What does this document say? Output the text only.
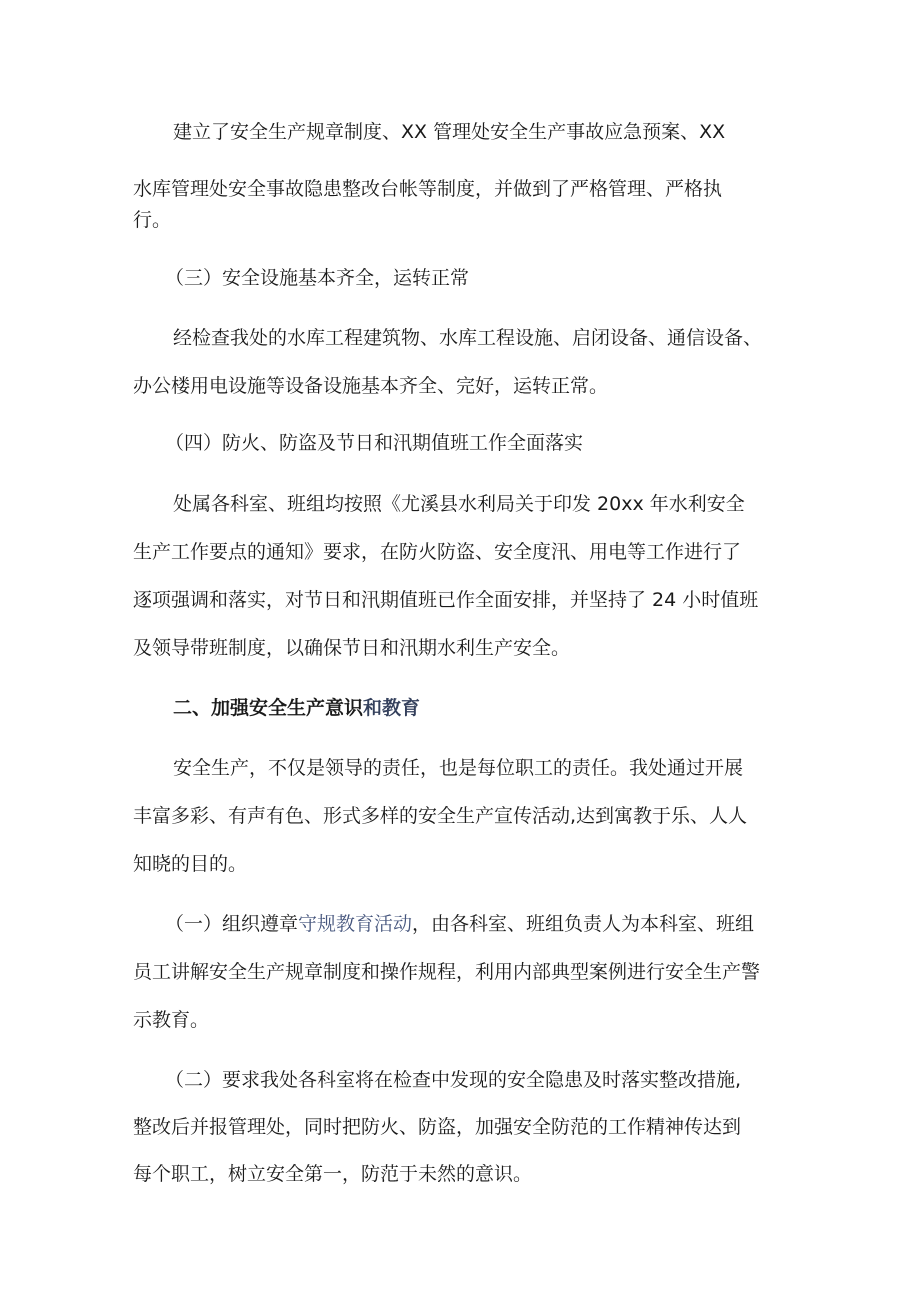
建立了安全生产规章制度、XX 管理处安全生产事故应急预案、XX
水库管理处安全事故隐患整改台帐等制度，并做到了严格管理、严格执
行。
（三）安全设施基本齐全，运转正常
经检查我处的水库工程建筑物、水库工程设施、启闭设备、通信设备、
办公楼用电设施等设备设施基本齐全、完好，运转正常。
（四）防火、防盗及节日和汛期值班工作全面落实
处属各科室、班组均按照《尤溪县水利局关于印发 20xx 年水利安全
生产工作要点的通知》要求，在防火防盗、安全度汛、用电等工作进行了
逐项强调和落实，对节日和汛期值班已作全面安排，并坚持了 24 小时值班
及领导带班制度，以确保节日和汛期水利生产安全。
二、加强安全生产意识和教育
安全生产，不仅是领导的责任，也是每位职工的责任。我处通过开展
丰富多彩、有声有色、形式多样的安全生产宣传活动,达到寓教于乐、人人
知晓的目的。
（一）组织遵章守规教育活动，由各科室、班组负责人为本科室、班组
员工讲解安全生产规章制度和操作规程，利用内部典型案例进行安全生产警
示教育。
（二）要求我处各科室将在检查中发现的安全隐患及时落实整改措施,
整改后并报管理处，同时把防火、防盗，加强安全防范的工作精神传达到
每个职工，树立安全第一，防范于未然的意识。
